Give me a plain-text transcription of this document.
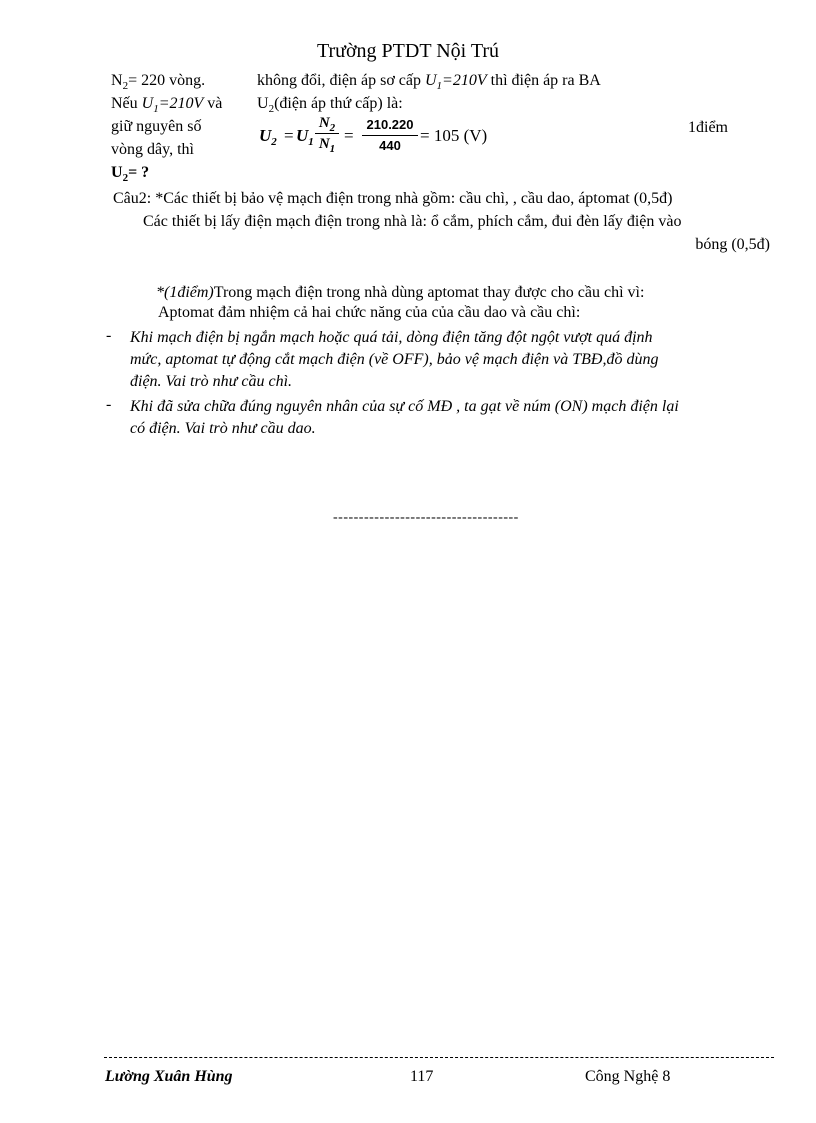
Trường PTDT Nội Trú
$N_2= 220$ vòng.
Nếu $U_1=210V$ và
giữ nguyên số
vòng dây, thì
$U_2=$ ?
không đổi, điện áp sơ cấp $U_1=210V$ thì điện áp ra BA
$U_2(điện$ áp thứ cấp) là:
$U_2 = U_1$
$N_2$
$N_1$
=
210.220
440
= 105 (V)	1điểm
Câu2: *Các thiết bị bảo vệ mạch điện trong nhà gồm: cầu chì, , cầu dao, áptomat (0,5đ)
Các thiết bị lấy điện mạch điện trong nhà là: ổ cắm, phích cắm, đui đèn lấy điện vào
bóng (0,5đ)
*(1điểm)Trong mạch điện trong nhà dùng aptomat thay được cho cầu chì vì:
Aptomat đảm nhiệm cả hai chức năng của của cầu dao và cầu chì:
- Khi mạch điện bị ngắn mạch hoặc quá tải, dòng điện tăng đột ngột vượt quá định
mức, aptomat tự động cắt mạch điện (về OFF), bảo vệ mạch điện và TBĐ,đồ dùng
điện. Vai trò như cầu chì.
- Khi đã sửa chữa đúng nguyên nhân của sự cố MĐ , ta gạt về núm (ON) mạch điện lại
có điện. Vai trò như cầu dao.
------------------------------------
Lường Xuân Hùng	117	Công Nghệ 8
